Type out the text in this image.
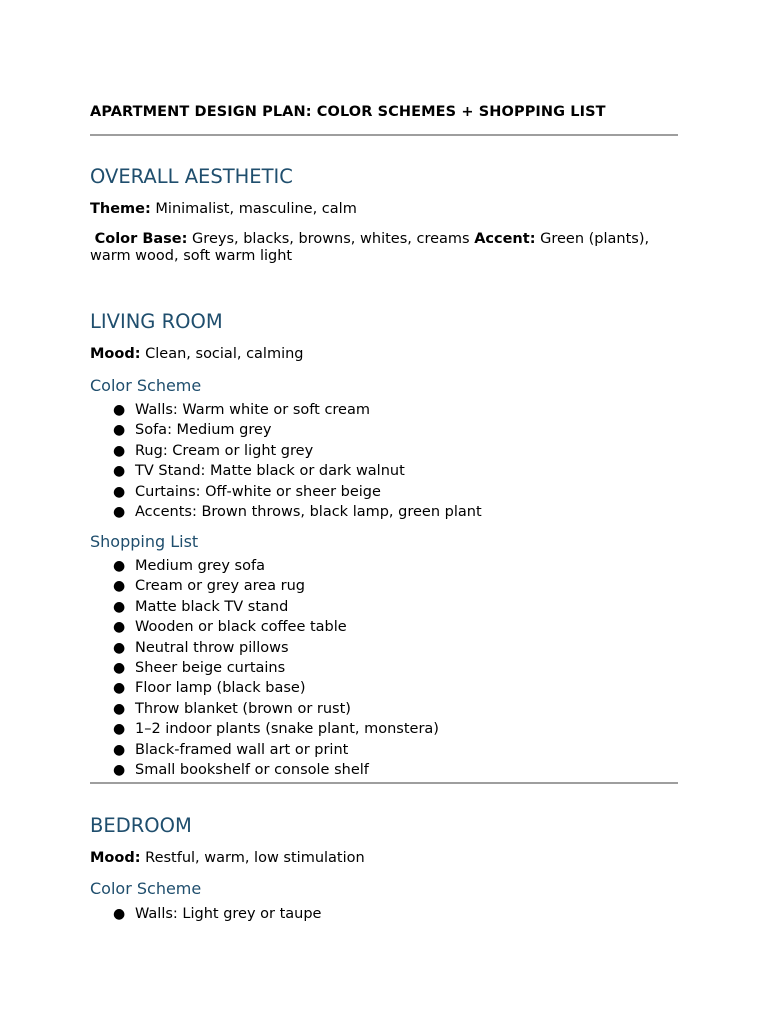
APARTMENT DESIGN PLAN: COLOR SCHEMES + SHOPPING LIST
OVERALL AESTHETIC
Theme: Minimalist, masculine, calm
Color Base: Greys, blacks, browns, whites, creams Accent: Green (plants), warm wood, soft warm light
LIVING ROOM
Mood: Clean, social, calming
Color Scheme
● Walls: Warm white or soft cream
● Sofa: Medium grey
● Rug: Cream or light grey
● TV Stand: Matte black or dark walnut
● Curtains: Off-white or sheer beige
● Accents: Brown throws, black lamp, green plant
Shopping List
● Medium grey sofa
● Cream or grey area rug
● Matte black TV stand
● Wooden or black coffee table
● Neutral throw pillows
● Sheer beige curtains
● Floor lamp (black base)
● Throw blanket (brown or rust)
● 1–2 indoor plants (snake plant, monstera)
● Black-framed wall art or print
● Small bookshelf or console shelf
BEDROOM
Mood: Restful, warm, low stimulation
Color Scheme
● Walls: Light grey or taupe
